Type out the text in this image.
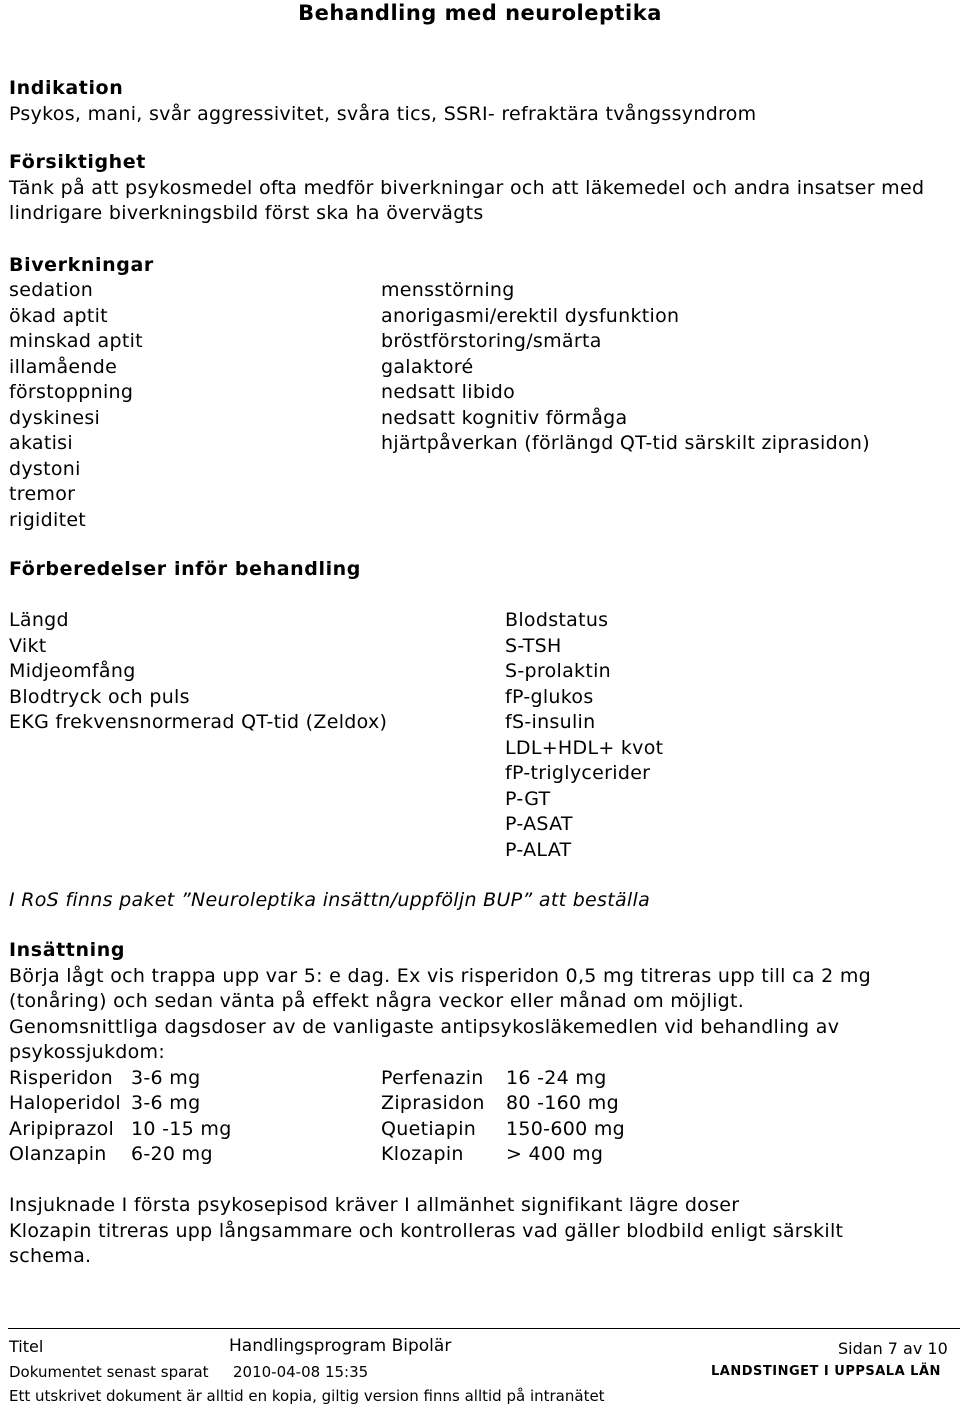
Behandling med neuroleptika

Indikation

Psykos, mani, svår aggressivitet, svåra tics, SSRI- refraktära tvångssyndrom

Försiktighet

Tänk på att psykosmedel ofta medför biverkningar och att läkemedel och andra insatser med lindrigare biverkningsbild först ska ha övervägts

Biverkningar

sedation
ökad aptit
minskad aptit
illamående
förstoppning
dyskinesi
akatisi
dystoni
tremor
rigiditet
mensstörning
anorigasmi/erektil dysfunktion
bröstförstoring/smärta
galaktoré
nedsatt libido
nedsatt kognitiv förmåga
hjärtpåverkan (förlängd QT-tid särskilt ziprasidon)

Förberedelser inför behandling

Längd
Vikt
Midjeomfång
Blodtryck och puls
EKG frekvensnormerad QT-tid (Zeldox)
Blodstatus
S-TSH
S-prolaktin
fP-glukos
fS-insulin
LDL+HDL+ kvot
fP-triglycerider
P-GT
P-ASAT
P-ALAT
I RoS finns paket ”Neuroleptika insättn/uppföljn BUP” att beställa

Insättning

Börja lågt och trappa upp var 5: e dag. Ex vis risperidon 0,5 mg titreras upp till ca 2 mg (tonåring) och sedan vänta på effekt några veckor eller månad om möjligt.

Genomsnittliga dagsdoser av de vanligaste antipsykosläkemedlen vid behandling av psykossjukdom:

Risperidon 3-6 mg	Perfenazin	16 -24 mg
Haloperidol 3-6 mg	Ziprasidon	80 -160 mg
Aripiprazol 10 -15 mg	Quetiapin	150-600 mg
Olanzapin	6-20 mg	Klozapin	> 400 mg

Insjuknade I första psykosepisod kräver I allmänhet signifikant lägre doser

Klozapin titreras upp långsammare och kontrolleras vad gäller blodbild enligt särskilt schema.

Titel	Handlingsprogram Bipolär	Sidan 7 av 10
Dokumentet senast sparat 2010-04-08 15:35	LANDSTINGET I UPPSALA LÄN
Ett utskrivet dokument är alltid en kopia, giltig version finns alltid på intranätet
